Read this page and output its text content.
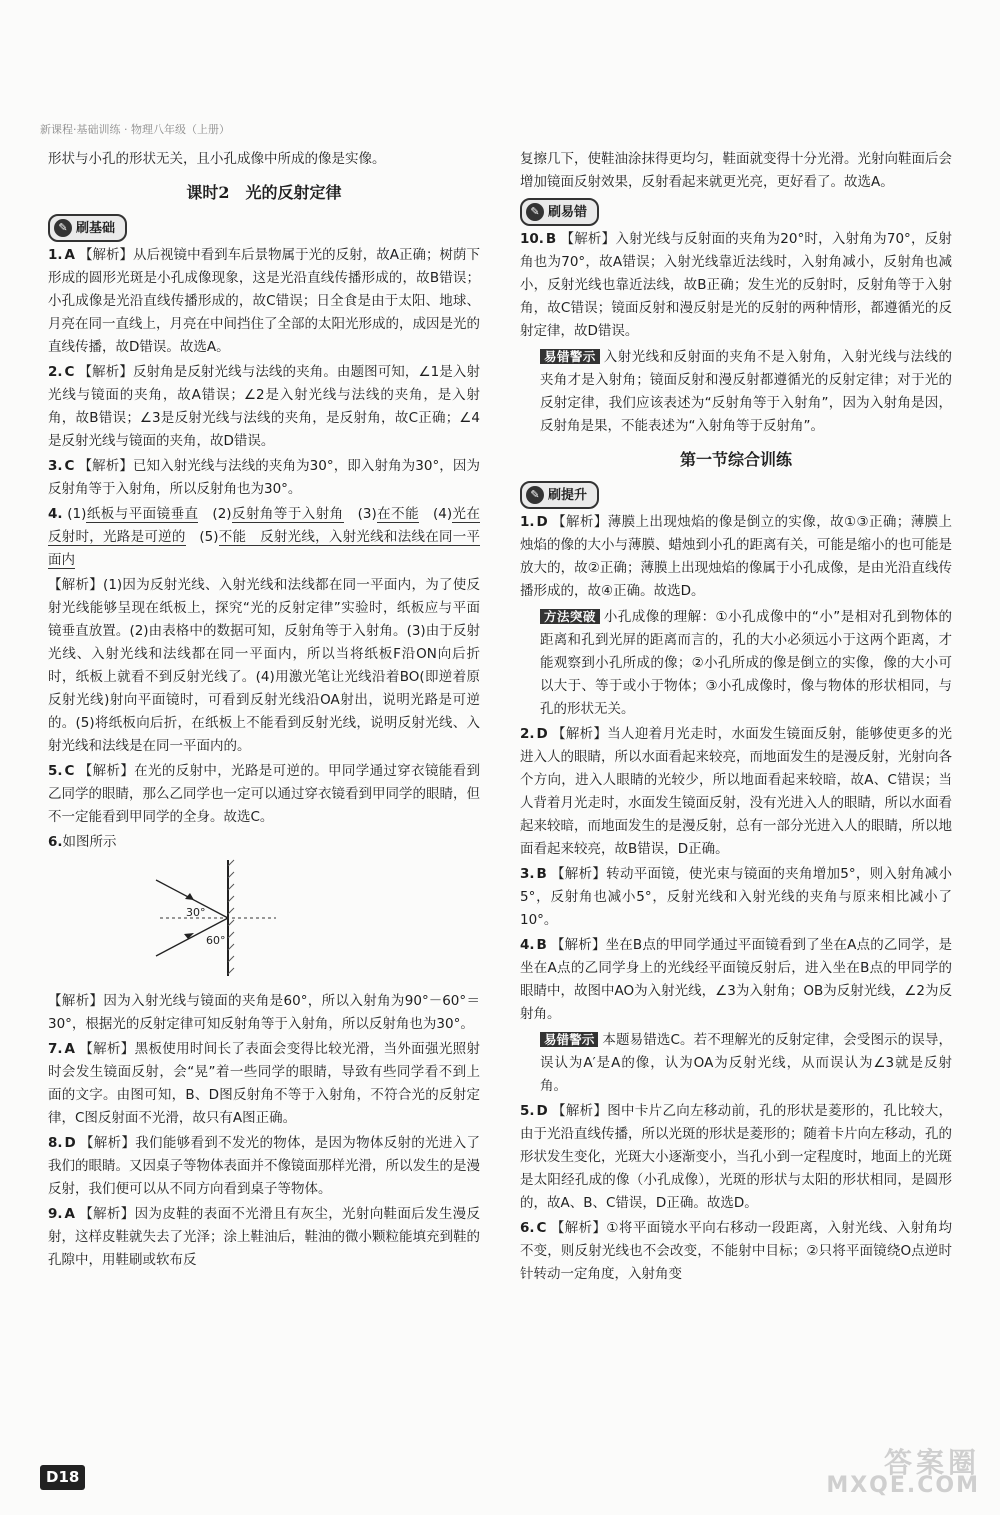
新课程·基础训练 · 物理八年级（上册）

形状与小孔的形状无关，且小孔成像中所成的像是实像。

课时2　光的反射定律
✎ 刷基础

1. A 【解析】从后视镜中看到车后景物属于光的反射，故A正确；树荫下形成的圆形光斑是小孔成像现象，这是光沿直线传播形成的，故B错误；小孔成像是光沿直线传播形成的，故C错误；日全食是由于太阳、地球、月亮在同一直线上，月亮在中间挡住了全部的太阳光形成的，成因是光的直线传播，故D错误。故选A。

2. C 【解析】反射角是反射光线与法线的夹角。由题图可知，∠1是入射光线与镜面的夹角，故A错误；∠2是入射光线与法线的夹角，是入射角，故B错误；∠3是反射光线与法线的夹角，是反射角，故C正确；∠4是反射光线与镜面的夹角，故D错误。

3. C 【解析】已知入射光线与法线的夹角为30°，即入射角为30°，因为反射角等于入射角，所以反射角也为30°。

4. (1)纸板与平面镜垂直　(2)反射角等于入射角　(3)在不能　(4)光在反射时，光路是可逆的　(5)不能　反射光线，入射光线和法线在同一平面内

【解析】(1)因为反射光线、入射光线和法线都在同一平面内，为了使反射光线能够呈现在纸板上，探究“光的反射定律”实验时，纸板应与平面镜垂直放置。(2)由表格中的数据可知，反射角等于入射角。(3)由于反射光线、入射光线和法线都在同一平面内，所以当将纸板F沿ON向后折时，纸板上就看不到反射光线了。(4)用激光笔让光线沿着BO(即逆着原反射光线)射向平面镜时，可看到反射光线沿OA射出，说明光路是可逆的。(5)将纸板向后折，在纸板上不能看到反射光线，说明反射光线、入射光线和法线是在同一平面内的。

5. C 【解析】在光的反射中，光路是可逆的。甲同学通过穿衣镜能看到乙同学的眼睛，那么乙同学也一定可以通过穿衣镜看到甲同学的眼睛，但不一定能看到甲同学的全身。故选C。

6.如图所示

30°
60°

【解析】因为入射光线与镜面的夹角是60°，所以入射角为90°－60°＝30°，根据光的反射定律可知反射角等于入射角，所以反射角也为30°。

7. A 【解析】黑板使用时间长了表面会变得比较光滑，当外面强光照射时会发生镜面反射，会“晃”着一些同学的眼睛，导致有些同学看不到上面的文字。由图可知，B、D图反射角不等于入射角，不符合光的反射定律，C图反射面不光滑，故只有A图正确。

8. D 【解析】我们能够看到不发光的物体，是因为物体反射的光进入了我们的眼睛。又因桌子等物体表面并不像镜面那样光滑，所以发生的是漫反射，我们便可以从不同方向看到桌子等物体。

9. A 【解析】因为皮鞋的表面不光滑且有灰尘，光射向鞋面后发生漫反射，这样皮鞋就失去了光泽；涂上鞋油后，鞋油的微小颗粒能填充到鞋的孔隙中，用鞋刷或软布反

复擦几下，使鞋油涂抹得更均匀，鞋面就变得十分光滑。光射向鞋面后会增加镜面反射效果，反射看起来就更光亮，更好看了。故选A。

✎ 刷易错

10. B 【解析】入射光线与反射面的夹角为20°时，入射角为70°，反射角也为70°，故A错误；入射光线靠近法线时，入射角减小，反射角也减小，反射光线也靠近法线，故B正确；发生光的反射时，反射角等于入射角，故C错误；镜面反射和漫反射是光的反射的两种情形，都遵循光的反射定律，故D错误。

易错警示 入射光线和反射面的夹角不是入射角，入射光线与法线的夹角才是入射角；镜面反射和漫反射都遵循光的反射定律；对于光的反射定律，我们应该表述为“反射角等于入射角”，因为入射角是因，反射角是果，不能表述为“入射角等于反射角”。

第一节综合训练
✎ 刷提升

1. D 【解析】薄膜上出现烛焰的像是倒立的实像，故①③正确；薄膜上烛焰的像的大小与薄膜、蜡烛到小孔的距离有关，可能是缩小的也可能是放大的，故②正确；薄膜上出现烛焰的像属于小孔成像，是由光沿直线传播形成的，故④正确。故选D。

方法突破 小孔成像的理解：①小孔成像中的“小”是相对孔到物体的距离和孔到光屏的距离而言的，孔的大小必须远小于这两个距离，才能观察到小孔所成的像；②小孔所成的像是倒立的实像，像的大小可以大于、等于或小于物体；③小孔成像时，像与物体的形状相同，与孔的形状无关。

2. D 【解析】当人迎着月光走时，水面发生镜面反射，能够使更多的光进入人的眼睛，所以水面看起来较亮，而地面发生的是漫反射，光射向各个方向，进入人眼睛的光较少，所以地面看起来较暗，故A、C错误；当人背着月光走时，水面发生镜面反射，没有光进入人的眼睛，所以水面看起来较暗，而地面发生的是漫反射，总有一部分光进入人的眼睛，所以地面看起来较亮，故B错误，D正确。

3. B 【解析】转动平面镜，使光束与镜面的夹角增加5°，则入射角减小5°，反射角也减小5°，反射光线和入射光线的夹角与原来相比减小了10°。

4. B 【解析】坐在B点的甲同学通过平面镜看到了坐在A点的乙同学，是坐在A点的乙同学身上的光线经平面镜反射后，进入坐在B点的甲同学的眼睛中，故图中AO为入射光线，∠3为入射角；OB为反射光线，∠2为反射角。

易错警示 本题易错选C。若不理解光的反射定律，会受图示的误导，误认为A′是A的像，认为OA为反射光线，从而误认为∠3就是反射角。

5. D 【解析】图中卡片乙向左移动前，孔的形状是菱形的，孔比较大，由于光沿直线传播，所以光斑的形状是菱形的；随着卡片向左移动，孔的形状发生变化，光斑大小逐渐变小，当孔小到一定程度时，地面上的光斑是太阳经孔成的像（小孔成像），光斑的形状与太阳的形状相同，是圆形的，故A、B、C错误，D正确。故选D。

6. C 【解析】①将平面镜水平向右移动一段距离，入射光线、入射角均不变，则反射光线也不会改变，不能射中目标；②只将平面镜绕O点逆时针转动一定角度，入射角变

D18	答案圈
MXQE.COM
